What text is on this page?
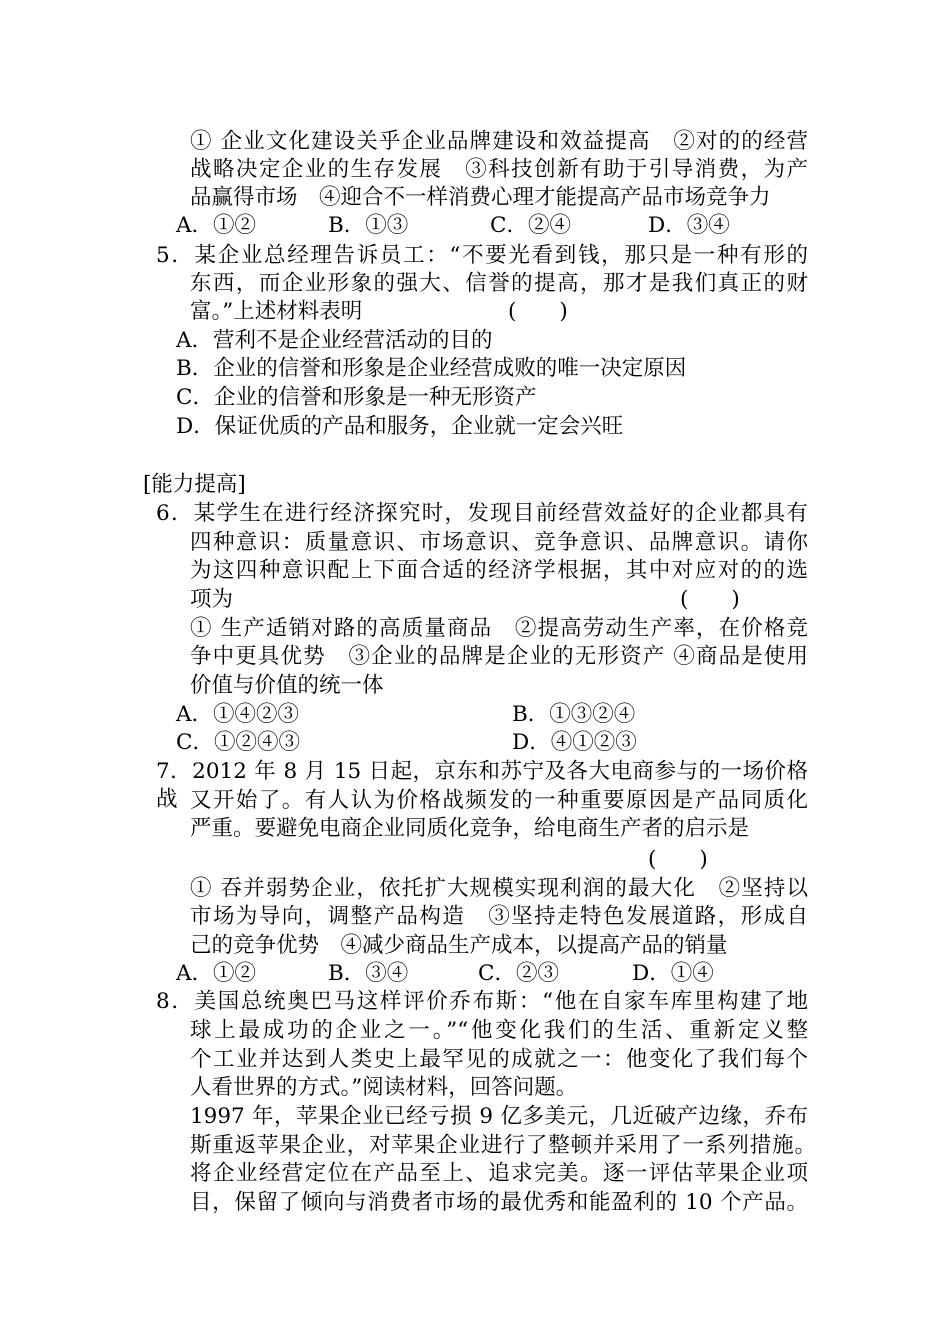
① 企业文化建设关乎企业品牌建设和效益提高　②对的的经营
战略决定企业的生存发展　③科技创新有助于引导消费，为产
品赢得市场　④迎合不一样消费心理才能提高产品市场竞争力
A．①②	B．①③	C．②④	D．③④
5．某企业总经理告诉员工：“不要光看到钱，那只是一种有形的
东西，而企业形象的强大、信誉的提高，那才是我们真正的财
富。”上述材料表明	(　　)
A．营利不是企业经营活动的目的
B．企业的信誉和形象是企业经营成败的唯一决定原因
C．企业的信誉和形象是一种无形资产
D．保证优质的产品和服务，企业就一定会兴旺
[能力提高]
6．某学生在进行经济探究时，发现目前经营效益好的企业都具有
四种意识：质量意识、市场意识、竞争意识、品牌意识。请你
为这四种意识配上下面合适的经济学根据，其中对应对的的选
项为	(　　)
① 生产适销对路的高质量商品　②提高劳动生产率，在价格竞
争中更具优势　③企业的品牌是企业的无形资产 ④商品是使用
价值与价值的统一体
A．①④②③	B．①③②④
C．①②④③	D．④①②③
7．2012 年 8 月 15 日起，京东和苏宁及各大电商参与的一场价格战 又开始了。有人认为价格战频发的一种重要原因是产品同质化
严重。要避免电商企业同质化竞争，给电商生产者的启示是
(　　)
① 吞并弱势企业，依托扩大规模实现利润的最大化　②坚持以
市场为导向，调整产品构造　③坚持走特色发展道路，形成自
己的竞争优势　④减少商品生产成本，以提高产品的销量
A．①②	B．③④	C．②③	D．①④
8．美国总统奥巴马这样评价乔布斯：“他在自家车库里构建了地
球上最成功的企业之一。”“他变化我们的生活、重新定义整
个工业并达到人类史上最罕见的成就之一：他变化了我们每个
人看世界的方式。”阅读材料，回答问题。
1997 年，苹果企业已经亏损 9 亿多美元，几近破产边缘，乔布
斯重返苹果企业，对苹果企业进行了整顿并采用了一系列措施。
将企业经营定位在产品至上、追求完美。逐一评估苹果企业项
目，保留了倾向与消费者市场的最优秀和能盈利的 10 个产品。
